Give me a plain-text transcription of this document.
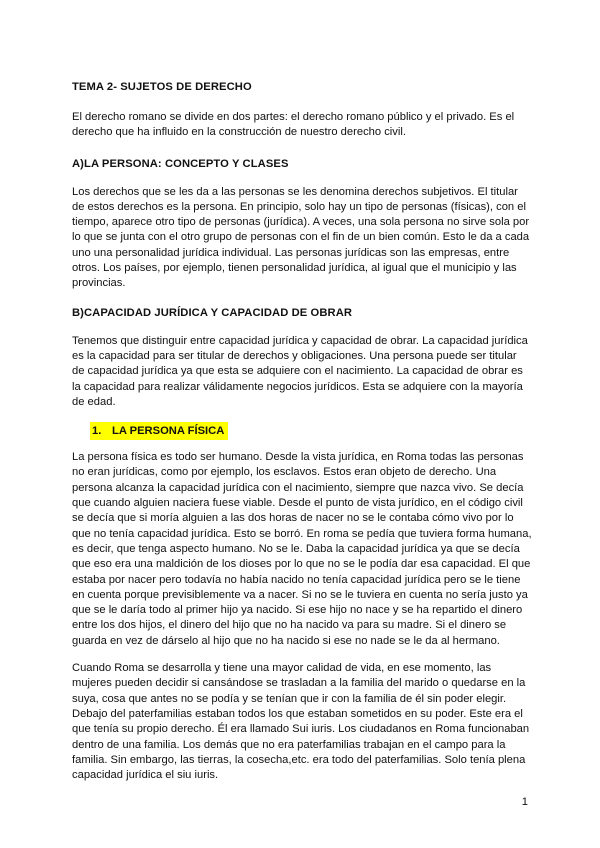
TEMA 2- SUJETOS DE DERECHO

El derecho romano se divide en dos partes: el derecho romano público y el privado. Es el derecho que ha influido en la construcción de nuestro derecho civil.

A)LA PERSONA: CONCEPTO Y CLASES

Los derechos que se les da a las personas se les denomina derechos subjetivos. El titular de estos derechos es la persona. En principio, solo hay un tipo de personas (físicas), con el tiempo, aparece otro tipo de personas (jurídica). A veces, una sola persona no sirve sola por lo que se junta con el otro grupo de personas con el fin de un bien común. Esto le da a cada uno una personalidad jurídica individual. Las personas jurídicas son las empresas, entre otros. Los países, por ejemplo, tienen personalidad jurídica, al igual que el municipio y las provincias.

B)CAPACIDAD JURÍDICA Y CAPACIDAD DE OBRAR

Tenemos que distinguir entre capacidad jurídica y capacidad de obrar. La capacidad jurídica es la capacidad para ser titular de derechos y obligaciones. Una persona puede ser titular de capacidad jurídica ya que esta se adquiere con el nacimiento. La capacidad de obrar es la capacidad para realizar válidamente negocios jurídicos. Esta se adquiere con la mayoría de edad.

1. LA PERSONA FÍSICA

La persona física es todo ser humano. Desde la vista jurídica, en Roma todas las personas no eran jurídicas, como por ejemplo, los esclavos. Estos eran objeto de derecho. Una persona alcanza la capacidad jurídica con el nacimiento, siempre que nazca vivo. Se decía que cuando alguien naciera fuese viable. Desde el punto de vista jurídico, en el código civil se decía que si moría alguien a las dos horas de nacer no se le contaba cómo vivo por lo que no tenía capacidad jurídica. Esto se borró. En roma se pedía que tuviera forma humana, es decir, que tenga aspecto humano. No se le. Daba la capacidad jurídica ya que se decía que eso era una maldición de los dioses por lo que no se le podía dar esa capacidad. El que estaba por nacer pero todavía no había nacido no tenía capacidad jurídica pero se le tiene en cuenta porque previsiblemente va a nacer. Si no se le tuviera en cuenta no sería justo ya que se le daría todo al primer hijo ya nacido. Si ese hijo no nace y se ha repartido el dinero entre los dos hijos, el dinero del hijo que no ha nacido va para su madre. Si el dinero se guarda en vez de dárselo al hijo que no ha nacido si ese no nade se le da al hermano.

Cuando Roma se desarrolla y tiene una mayor calidad de vida, en ese momento, las mujeres pueden decidir si cansándose se trasladan a la familia del marido o quedarse en la suya, cosa que antes no se podía y se tenían que ir con la familia de él sin poder elegir. Debajo del paterfamilias estaban todos los que estaban sometidos en su poder. Este era el que tenía su propio derecho. Él era llamado Sui iuris. Los ciudadanos en Roma funcionaban dentro de una familia. Los demás que no era paterfamilias trabajan en el campo para la familia. Sin embargo, las tierras, la cosecha,etc. era todo del paterfamilias. Solo tenía plena capacidad jurídica el siu iuris.

1
